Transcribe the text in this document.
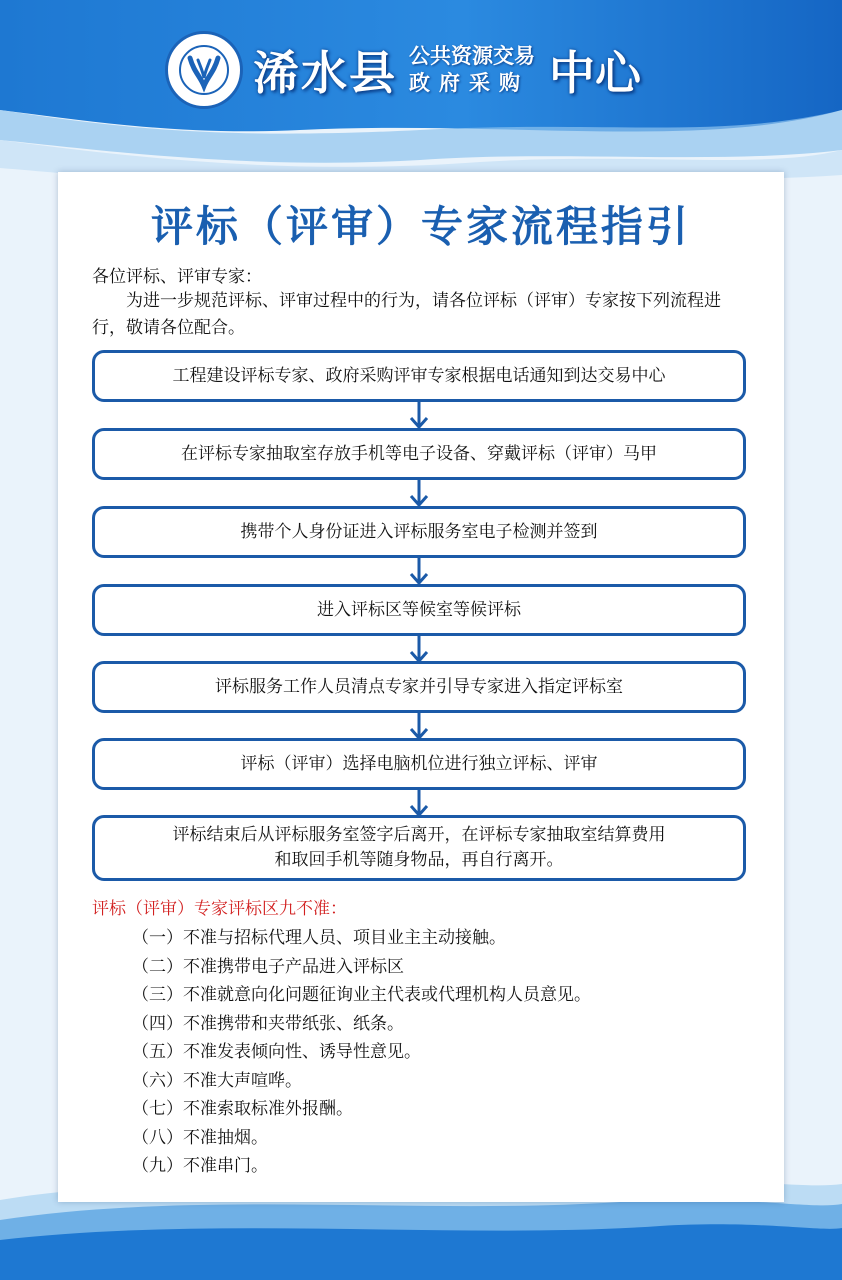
浠水县 公共资源交易
政府采购 中心
评标（评审）专家流程指引
各位评标、评审专家：
为进一步规范评标、评审过程中的行为，请各位评标（评审）专家按下列流程进行，敬请各位配合。
工程建设评标专家、政府采购评审专家根据电话通知到达交易中心
在评标专家抽取室存放手机等电子设备、穿戴评标（评审）马甲
携带个人身份证进入评标服务室电子检测并签到
进入评标区等候室等候评标
评标服务工作人员清点专家并引导专家进入指定评标室
评标（评审）选择电脑机位进行独立评标、评审
评标结束后从评标服务室签字后离开，在评标专家抽取室结算费用
和取回手机等随身物品，再自行离开。
评标（评审）专家评标区九不准：
（一）不准与招标代理人员、项目业主主动接触。
（二）不准携带电子产品进入评标区
（三）不准就意向化问题征询业主代表或代理机构人员意见。
（四）不准携带和夹带纸张、纸条。
（五）不准发表倾向性、诱导性意见。
（六）不准大声喧哗。
（七）不准索取标准外报酬。
（八）不准抽烟。
（九）不准串门。
